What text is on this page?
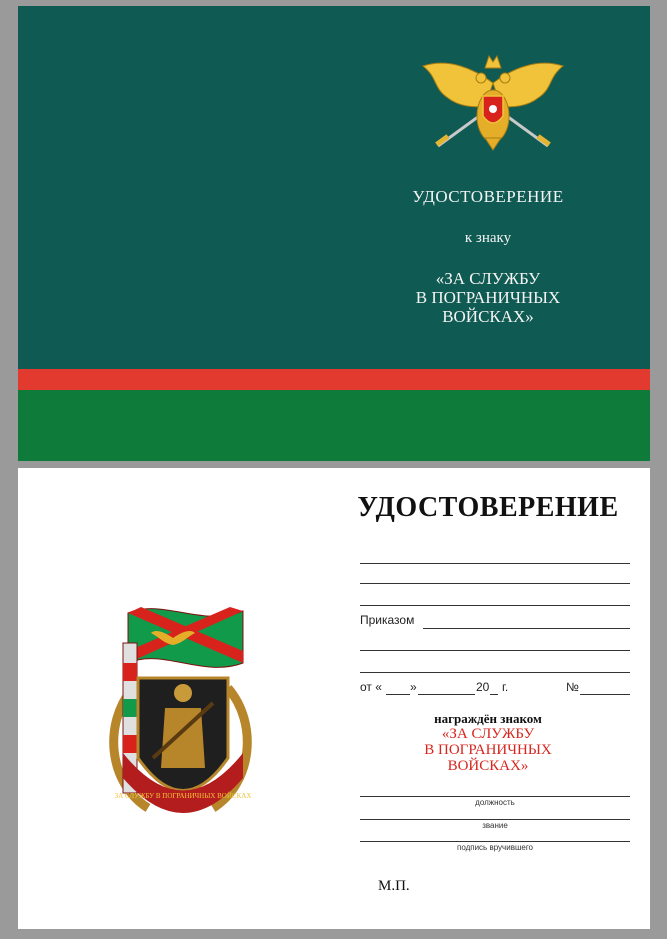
УДОСТОВЕРЕНИЕ
к знаку
«ЗА СЛУЖБУ
В ПОГРАНИЧНЫХ
ВОЙСКАХ»
УДОСТОВЕРЕНИЕ
ЗА СЛУЖБУ В ПОГРАНИЧНЫХ ВОЙСКАХ
Приказом
от « »	20 г.	№
награждён знаком
«ЗА СЛУЖБУ
В ПОГРАНИЧНЫХ
ВОЙСКАХ»
должность
звание
подпись вручившего
М.П.
